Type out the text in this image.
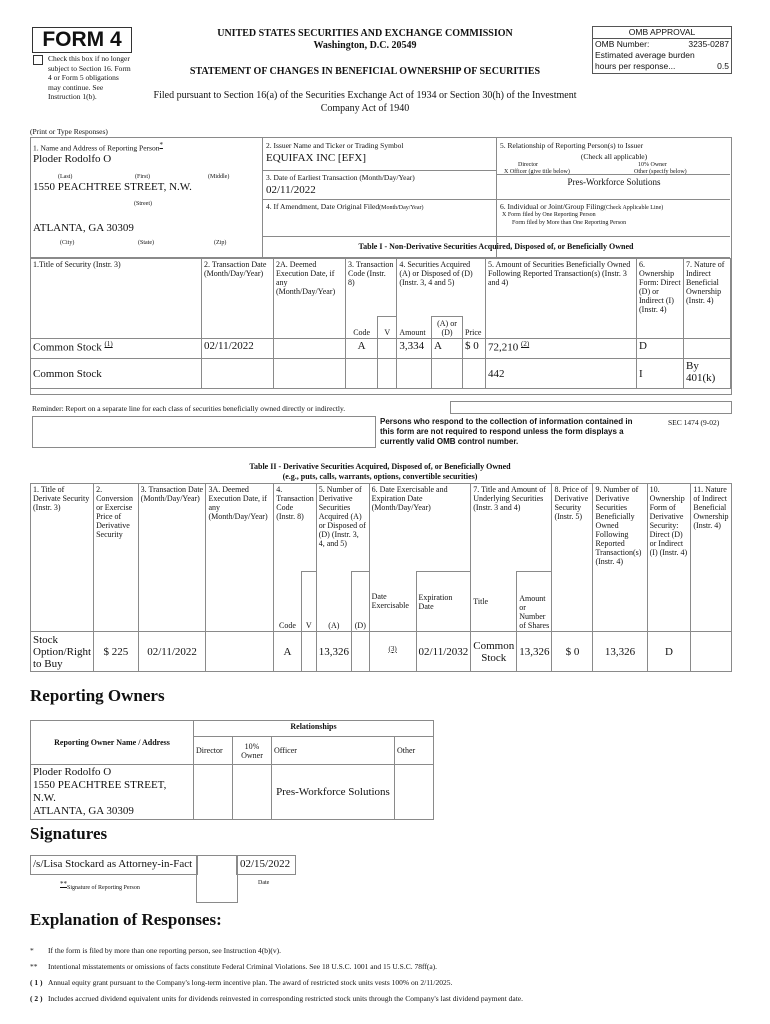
FORM 4
Check this box if no longer subject to Section 16. Form 4 or Form 5 obligations may continue. See Instruction 1(b).
UNITED STATES SECURITIES AND EXCHANGE COMMISSION
Washington, D.C. 20549
STATEMENT OF CHANGES IN BENEFICIAL OWNERSHIP OF SECURITIES
Filed pursuant to Section 16(a) of the Securities Exchange Act of 1934 or Section 30(h) of the Investment Company Act of 1940
OMB APPROVAL
OMB Number:	3235-0287
Estimated average burden
hours per response...	0.5
(Print or Type Responses)
1. Name and Address of Reporting Person*
Ploder Rodolfo O
(Last)	(First)	(Middle)
1550 PEACHTREE STREET, N.W.
(Street)
ATLANTA, GA 30309
(City)	(State)	(Zip)
2. Issuer Name and Ticker or Trading Symbol
EQUIFAX INC [EFX]
3. Date of Earliest Transaction (Month/Day/Year)
02/11/2022
4. If Amendment, Date Original Filed(Month/Day/Year)
5. Relationship of Reporting Person(s) to Issuer
(Check all applicable)
Director	10% Owner
X Officer (give title below)	Other (specify below)
Pres-Workforce Solutions
6. Individual or Joint/Group Filing(Check Applicable Line)
X Form filed by One Reporting Person
Form filed by More than One Reporting Person
Table I - Non-Derivative Securities Acquired, Disposed of, or Beneficially Owned
1.Title of Security (Instr. 3)	2. Transaction Date (Month/Day/Year)	2A. Deemed Execution Date, if any (Month/Day/Year)	3. Transaction Code (Instr. 8)		4. Securities Acquired (A) or Disposed of (D) (Instr. 3, 4 and 5)			5. Amount of Securities Beneficially Owned Following Reported Transaction(s) (Instr. 3 and 4)	6. Ownership Form: Direct (D) or Indirect (I) (Instr. 4)	7. Nature of Indirect Beneficial Ownership (Instr. 4)
			Code	V	Amount	(A) or (D)	Price			
Common Stock $^{(1)}$	02/11/2022		A		3,334	A	$ 0	72,210 $^{(2)}$	D	
Common Stock								442	I	By 401(k)
Reminder: Report on a separate line for each class of securities beneficially owned directly or indirectly.
Persons who respond to the collection of information contained in this form are not required to respond unless the form displays a currently valid OMB control number.
SEC 1474 (9-02)
Table II - Derivative Securities Acquired, Disposed of, or Beneficially Owned
(e.g., puts, calls, warrants, options, convertible securities)
1. Title of Derivate Security (Instr. 3)	2. Conversion or Exercise Price of Derivative Security	3. Transaction Date (Month/Day/Year)	3A. Deemed Execution Date, if any (Month/Day/Year)	4. Transaction Code (Instr. 8)		5. Number of Derivative Securities Acquired (A) or Disposed of (D) (Instr. 3, 4, and 5)		6. Date Exercisable and Expiration Date (Month/Day/Year)		7. Title and Amount of Underlying Securities (Instr. 3 and 4)		8. Price of Derivative Security (Instr. 5)	9. Number of Derivative Securities Beneficially Owned Following Reported Transaction(s) (Instr. 4)	10. Ownership Form of Derivative Security: Direct (D) or Indirect (I) (Instr. 4)	11. Nature of Indirect Beneficial Ownership (Instr. 4)
				Code	V	(A)	(D)	Date Exercisable	Expiration Date	Title	Amount or Number of Shares				
Stock Option/Right to Buy	$ 225	02/11/2022		A		13,326		$^{(3)}$	02/11/2032	Common Stock	13,326	$ 0	13,326	D	
Reporting Owners
Reporting Owner Name / Address	Relationships			
	Director	10% Owner	Officer	Other

Ploder Rodolfo O
1550 PEACHTREE STREET, N.W.
ATLANTA, GA 30309			Pres-Workforce Solutions	
Signatures
/s/Lisa Stockard as Attorney-in-Fact	02/15/2022
**Signature of Reporting Person
Date
Explanation of Responses:
*	If the form is filed by more than one reporting person, see Instruction 4(b)(v).
**	Intentional misstatements or omissions of facts constitute Federal Criminal Violations. See 18 U.S.C. 1001 and 15 U.S.C. 78ff(a).
( 1 ) Annual equity grant pursuant to the Company's long-term incentive plan. The award of restricted stock units vests 100% on 2/11/2025.
( 2 ) Includes accrued dividend equivalent units for dividends reinvested in corresponding restricted stock units through the Company's last dividend payment date.
